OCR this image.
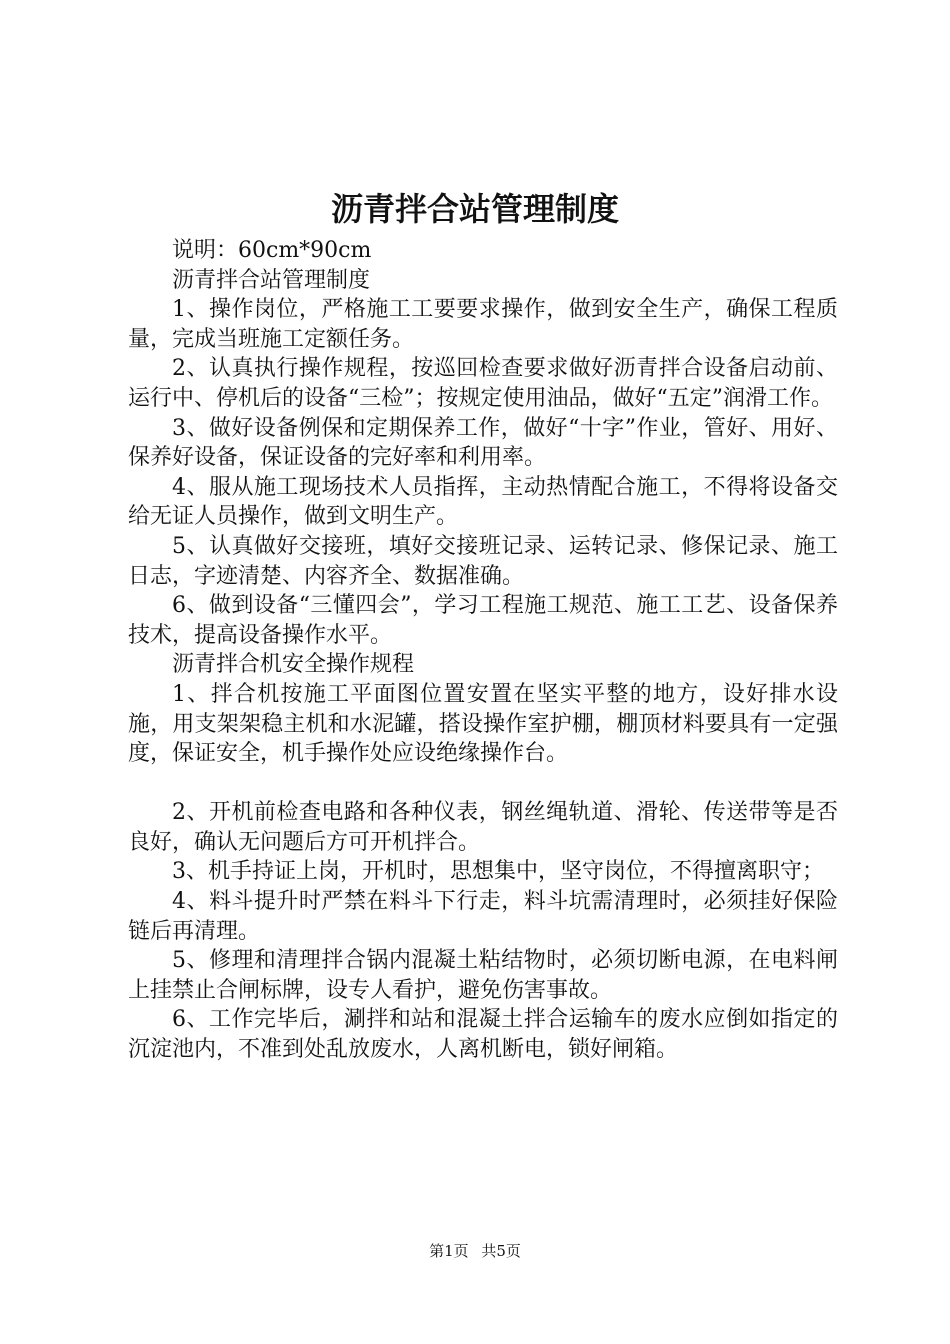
沥青拌合站管理制度

说明：60cm*90cm

沥青拌合站管理制度

1、操作岗位，严格施工工要要求操作，做到安全生产，确保工程质量，完成当班施工定额任务。

2、认真执行操作规程，按巡回检查要求做好沥青拌合设备启动前、运行中、停机后的设备“三检”；按规定使用油品，做好“五定”润滑工作。

3、做好设备例保和定期保养工作，做好“十字”作业，管好、用好、保养好设备，保证设备的完好率和利用率。

4、服从施工现场技术人员指挥，主动热情配合施工，不得将设备交给无证人员操作，做到文明生产。

5、认真做好交接班，填好交接班记录、运转记录、修保记录、施工日志，字迹清楚、内容齐全、数据准确。

6、做到设备“三懂四会”，学习工程施工规范、施工工艺、设备保养技术，提高设备操作水平。

沥青拌合机安全操作规程

1、拌合机按施工平面图位置安置在坚实平整的地方，设好排水设施，用支架架稳主机和水泥罐，搭设操作室护棚，棚顶材料要具有一定强度，保证安全，机手操作处应设绝缘操作台。

2、开机前检查电路和各种仪表，钢丝绳轨道、滑轮、传送带等是否良好，确认无问题后方可开机拌合。

3、机手持证上岗，开机时，思想集中，坚守岗位，不得擅离职守；

4、料斗提升时严禁在料斗下行走，料斗坑需清理时，必须挂好保险链后再清理。

5、修理和清理拌合锅内混凝土粘结物时，必须切断电源，在电料闸上挂禁止合闸标牌，设专人看护，避免伤害事故。

6、工作完毕后，涮拌和站和混凝土拌合运输车的废水应倒如指定的沉淀池内，不准到处乱放废水，人离机断电，锁好闸箱。

第1页 共5页
